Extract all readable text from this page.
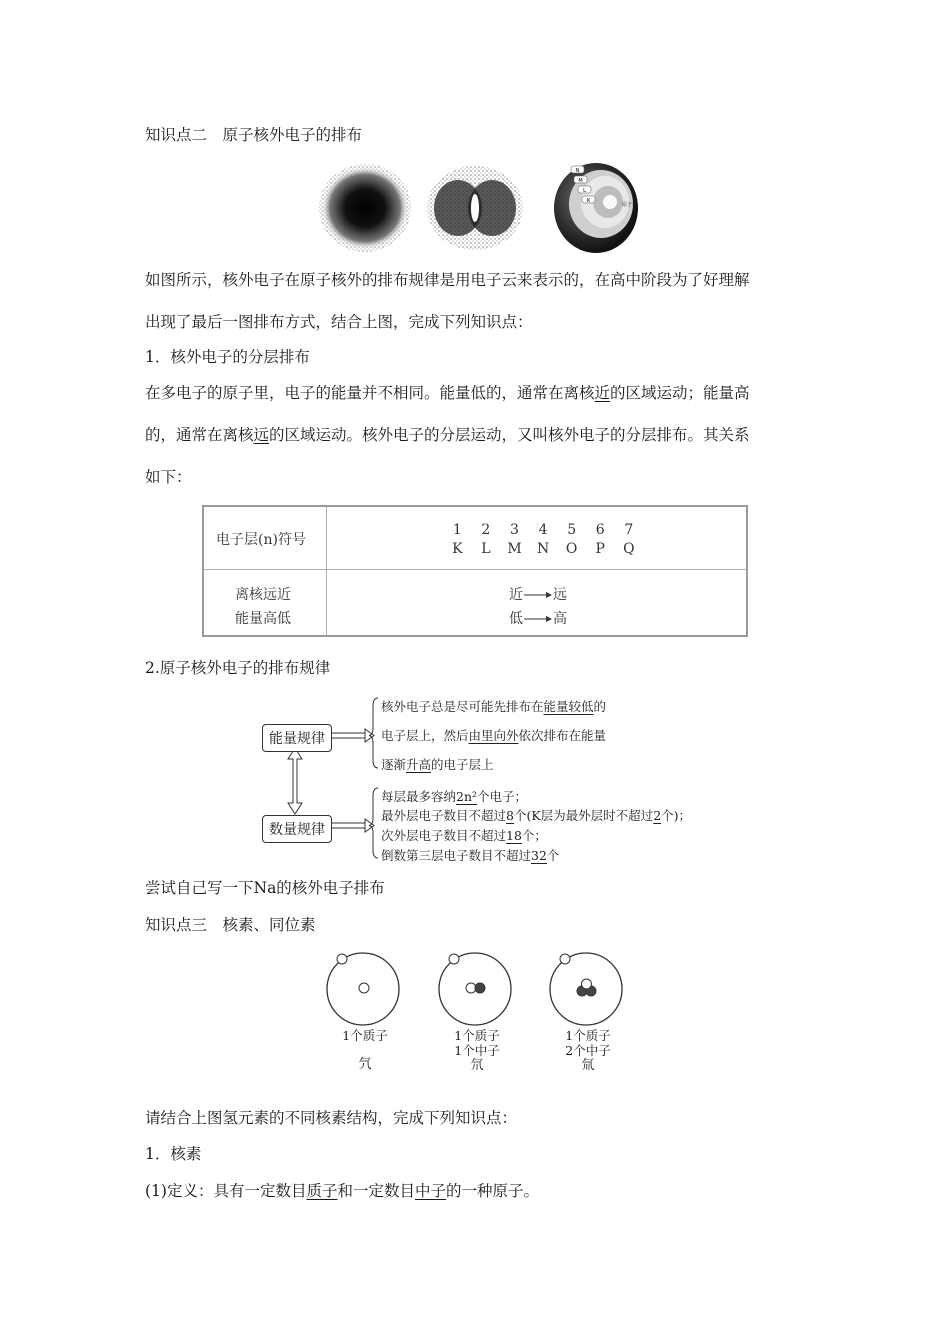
知识点二　原子核外电子的排布
N
M
L
K
原子核
如图所示，核外电子在原子核外的排布规律是用电子云来表示的，在高中阶段为了好理解
出现了最后一图排布方式，结合上图，完成下列知识点：
1．核外电子的分层排布
在多电子的原子里，电子的能量并不相同。能量低的，通常在离核近的区域运动；能量高
的，通常在离核远的区域运动。核外电子的分层运动，又叫核外电子的分层排布。其关系
如下：
电子层(n)符号
1 2 3 4 5 6 7
K L M N O P Q
离核远近
能量高低
近 远
低 高
2.原子核外电子的排布规律
能量规律
数量规律
核外电子总是尽可能先排布在能量较低的
电子层上，然后由里向外依次排布在能量
逐渐升高的电子层上
每层最多容纳2n²个电子；
最外层电子数目不超过8个(K层为最外层时不超过2个)；
次外层电子数目不超过18个；
倒数第三层电子数目不超过32个
尝试自己写一下Na的核外电子排布
知识点三　核素、同位素
1个质子
氕
1个质子
1个中子
氘
1个质子
2个中子
氚
请结合上图氢元素的不同核素结构，完成下列知识点：
1．核素
(1)定义：具有一定数目质子和一定数目中子的一种原子。
